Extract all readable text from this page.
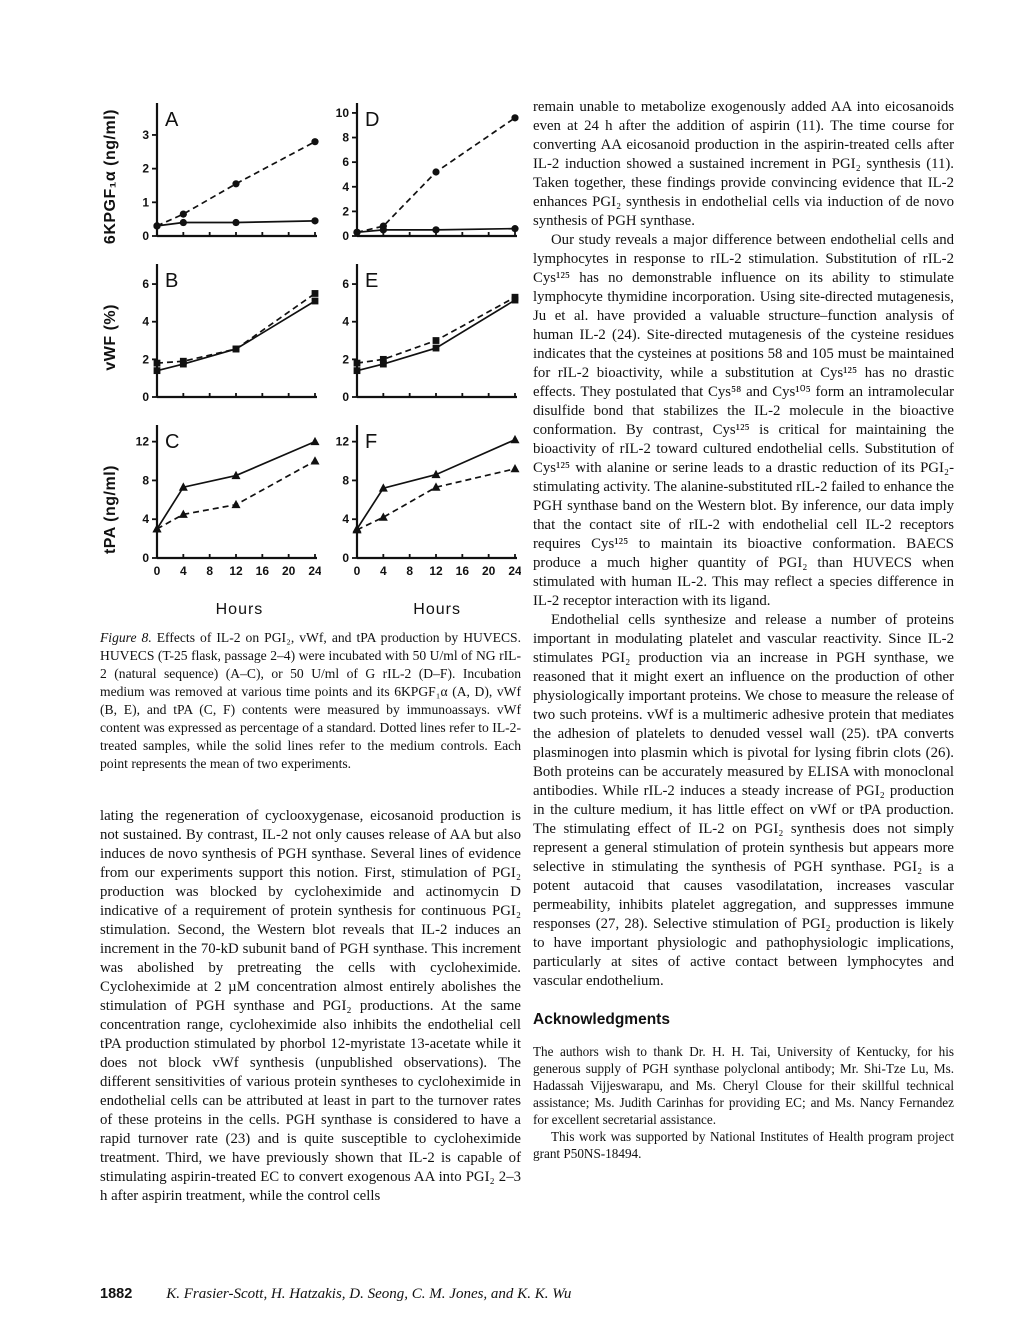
6KPGF₁α (ng/ml) 0
1
2
3
A
0
2
4
6
8
10 D
vWF (%)
0
2
4
6 B
0
2
4
6 E
tPA (ng/ml)
0
4
8
12
0 4 8 12 16 20 24
C
0
4
8
12
0 4 8 12 16 20 24
F
Hours	Hours
Figure 8. Effects of IL-2 on PGI₂, vWf, and tPA production by HUVECS. HUVECS (T-25 flask, passage 2–4) were incubated with 50 U/ml of NG rIL-2 (natural sequence) (A–C), or 50 U/ml of G rIL-2 (D–F). Incubation medium was removed at various time points and its 6KPGF₁α (A, D), vWf (B, E), and tPA (C, F) contents were measured by immunoassays. vWf content was expressed as percentage of a standard. Dotted lines refer to IL-2-treated samples, while the solid lines refer to the medium controls. Each point represents the mean of two experiments.

lating the regeneration of cyclooxygenase, eicosanoid production is not sustained. By contrast, IL-2 not only causes release of AA but also induces de novo synthesis of PGH synthase. Several lines of evidence from our experiments support this notion. First, stimulation of PGI₂ production was blocked by cycloheximide and actinomycin D indicative of a requirement of protein synthesis for continuous PGI₂ stimulation. Second, the Western blot reveals that IL-2 induces an increment in the 70-kD subunit band of PGH synthase. This increment was abolished by pretreating the cells with cycloheximide. Cycloheximide at 2 µM concentration almost entirely abolishes the stimulation of PGH synthase and PGI₂ productions. At the same concentration range, cycloheximide also inhibits the endothelial cell tPA production stimulated by phorbol 12-myristate 13-acetate while it does not block vWf synthesis (unpublished observations). The different sensitivities of various protein syntheses to cycloheximide in endothelial cells can be attributed at least in part to the turnover rates of these proteins in the cells. PGH synthase is considered to have a rapid turnover rate (23) and is quite susceptible to cycloheximide treatment. Third, we have previously shown that IL-2 is capable of stimulating aspirin-treated EC to convert exogenous AA into PGI₂ 2–3 h after aspirin treatment, while the control cells

remain unable to metabolize exogenously added AA into eicosanoids even at 24 h after the addition of aspirin (11). The time course for converting AA eicosanoid production in the aspirin-treated cells after IL-2 induction showed a sustained increment in PGI₂ synthesis (11). Taken together, these findings provide convincing evidence that IL-2 enhances PGI₂ synthesis in endothelial cells via induction of de novo synthesis of PGH synthase.

Our study reveals a major difference between endothelial cells and lymphocytes in response to rIL-2 stimulation. Substitution of rIL-2 Cys¹²⁵ has no demonstrable influence on its ability to stimulate lymphocyte thymidine incorporation. Using site-directed mutagenesis, Ju et al. have provided a valuable structure–function analysis of human IL-2 (24). Site-directed mutagenesis of the cysteine residues indicates that the cysteines at positions 58 and 105 must be maintained for rIL-2 bioactivity, while a substitution at Cys¹²⁵ has no drastic effects. They postulated that Cys⁵⁸ and Cys¹⁰⁵ form an intramolecular disulfide bond that stabilizes the IL-2 molecule in the bioactive conformation. By contrast, Cys¹²⁵ is critical for maintaining the bioactivity of rIL-2 toward cultured endothelial cells. Substitution of Cys¹²⁵ with alanine or serine leads to a drastic reduction of its PGI₂-stimulating activity. The alanine-substituted rIL-2 failed to enhance the PGH synthase band on the Western blot. By inference, our data imply that the contact site of rIL-2 with endothelial cell IL-2 receptors requires Cys¹²⁵ to maintain its bioactive conformation. BAECS produce a much higher quantity of PGI₂ than HUVECS when stimulated with human IL-2. This may reflect a species difference in IL-2 receptor interaction with its ligand.

Endothelial cells synthesize and release a number of proteins important in modulating platelet and vascular reactivity. Since IL-2 stimulates PGI₂ production via an increase in PGH synthase, we reasoned that it might exert an influence on the production of other physiologically important proteins. We chose to measure the release of two such proteins. vWf is a multimeric adhesive protein that mediates the adhesion of platelets to denuded vessel wall (25). tPA converts plasminogen into plasmin which is pivotal for lysing fibrin clots (26). Both proteins can be accurately measured by ELISA with monoclonal antibodies. While rIL-2 induces a steady increase of PGI₂ production in the culture medium, it has little effect on vWf or tPA production. The stimulating effect of IL-2 on PGI₂ synthesis does not simply represent a general stimulation of protein synthesis but appears more selective in stimulating the synthesis of PGH synthase. PGI₂ is a potent autacoid that causes vasodilatation, increases vascular permeability, inhibits platelet aggregation, and suppresses immune responses (27, 28). Selective stimulation of PGI₂ production is likely to have important physiologic and pathophysiologic implications, particularly at sites of active contact between lymphocytes and vascular endothelium.

Acknowledgments

The authors wish to thank Dr. H. H. Tai, University of Kentucky, for his generous supply of PGH synthase polyclonal antibody; Mr. Shi-Tze Lu, Ms. Hadassah Vijjeswarapu, and Ms. Cheryl Clouse for their skillful technical assistance; Ms. Judith Carinhas for providing EC; and Ms. Nancy Fernandez for excellent secretarial assistance.

This work was supported by National Institutes of Health program project grant P50NS-18494.

1882 K. Frasier-Scott, H. Hatzakis, D. Seong, C. M. Jones, and K. K. Wu
